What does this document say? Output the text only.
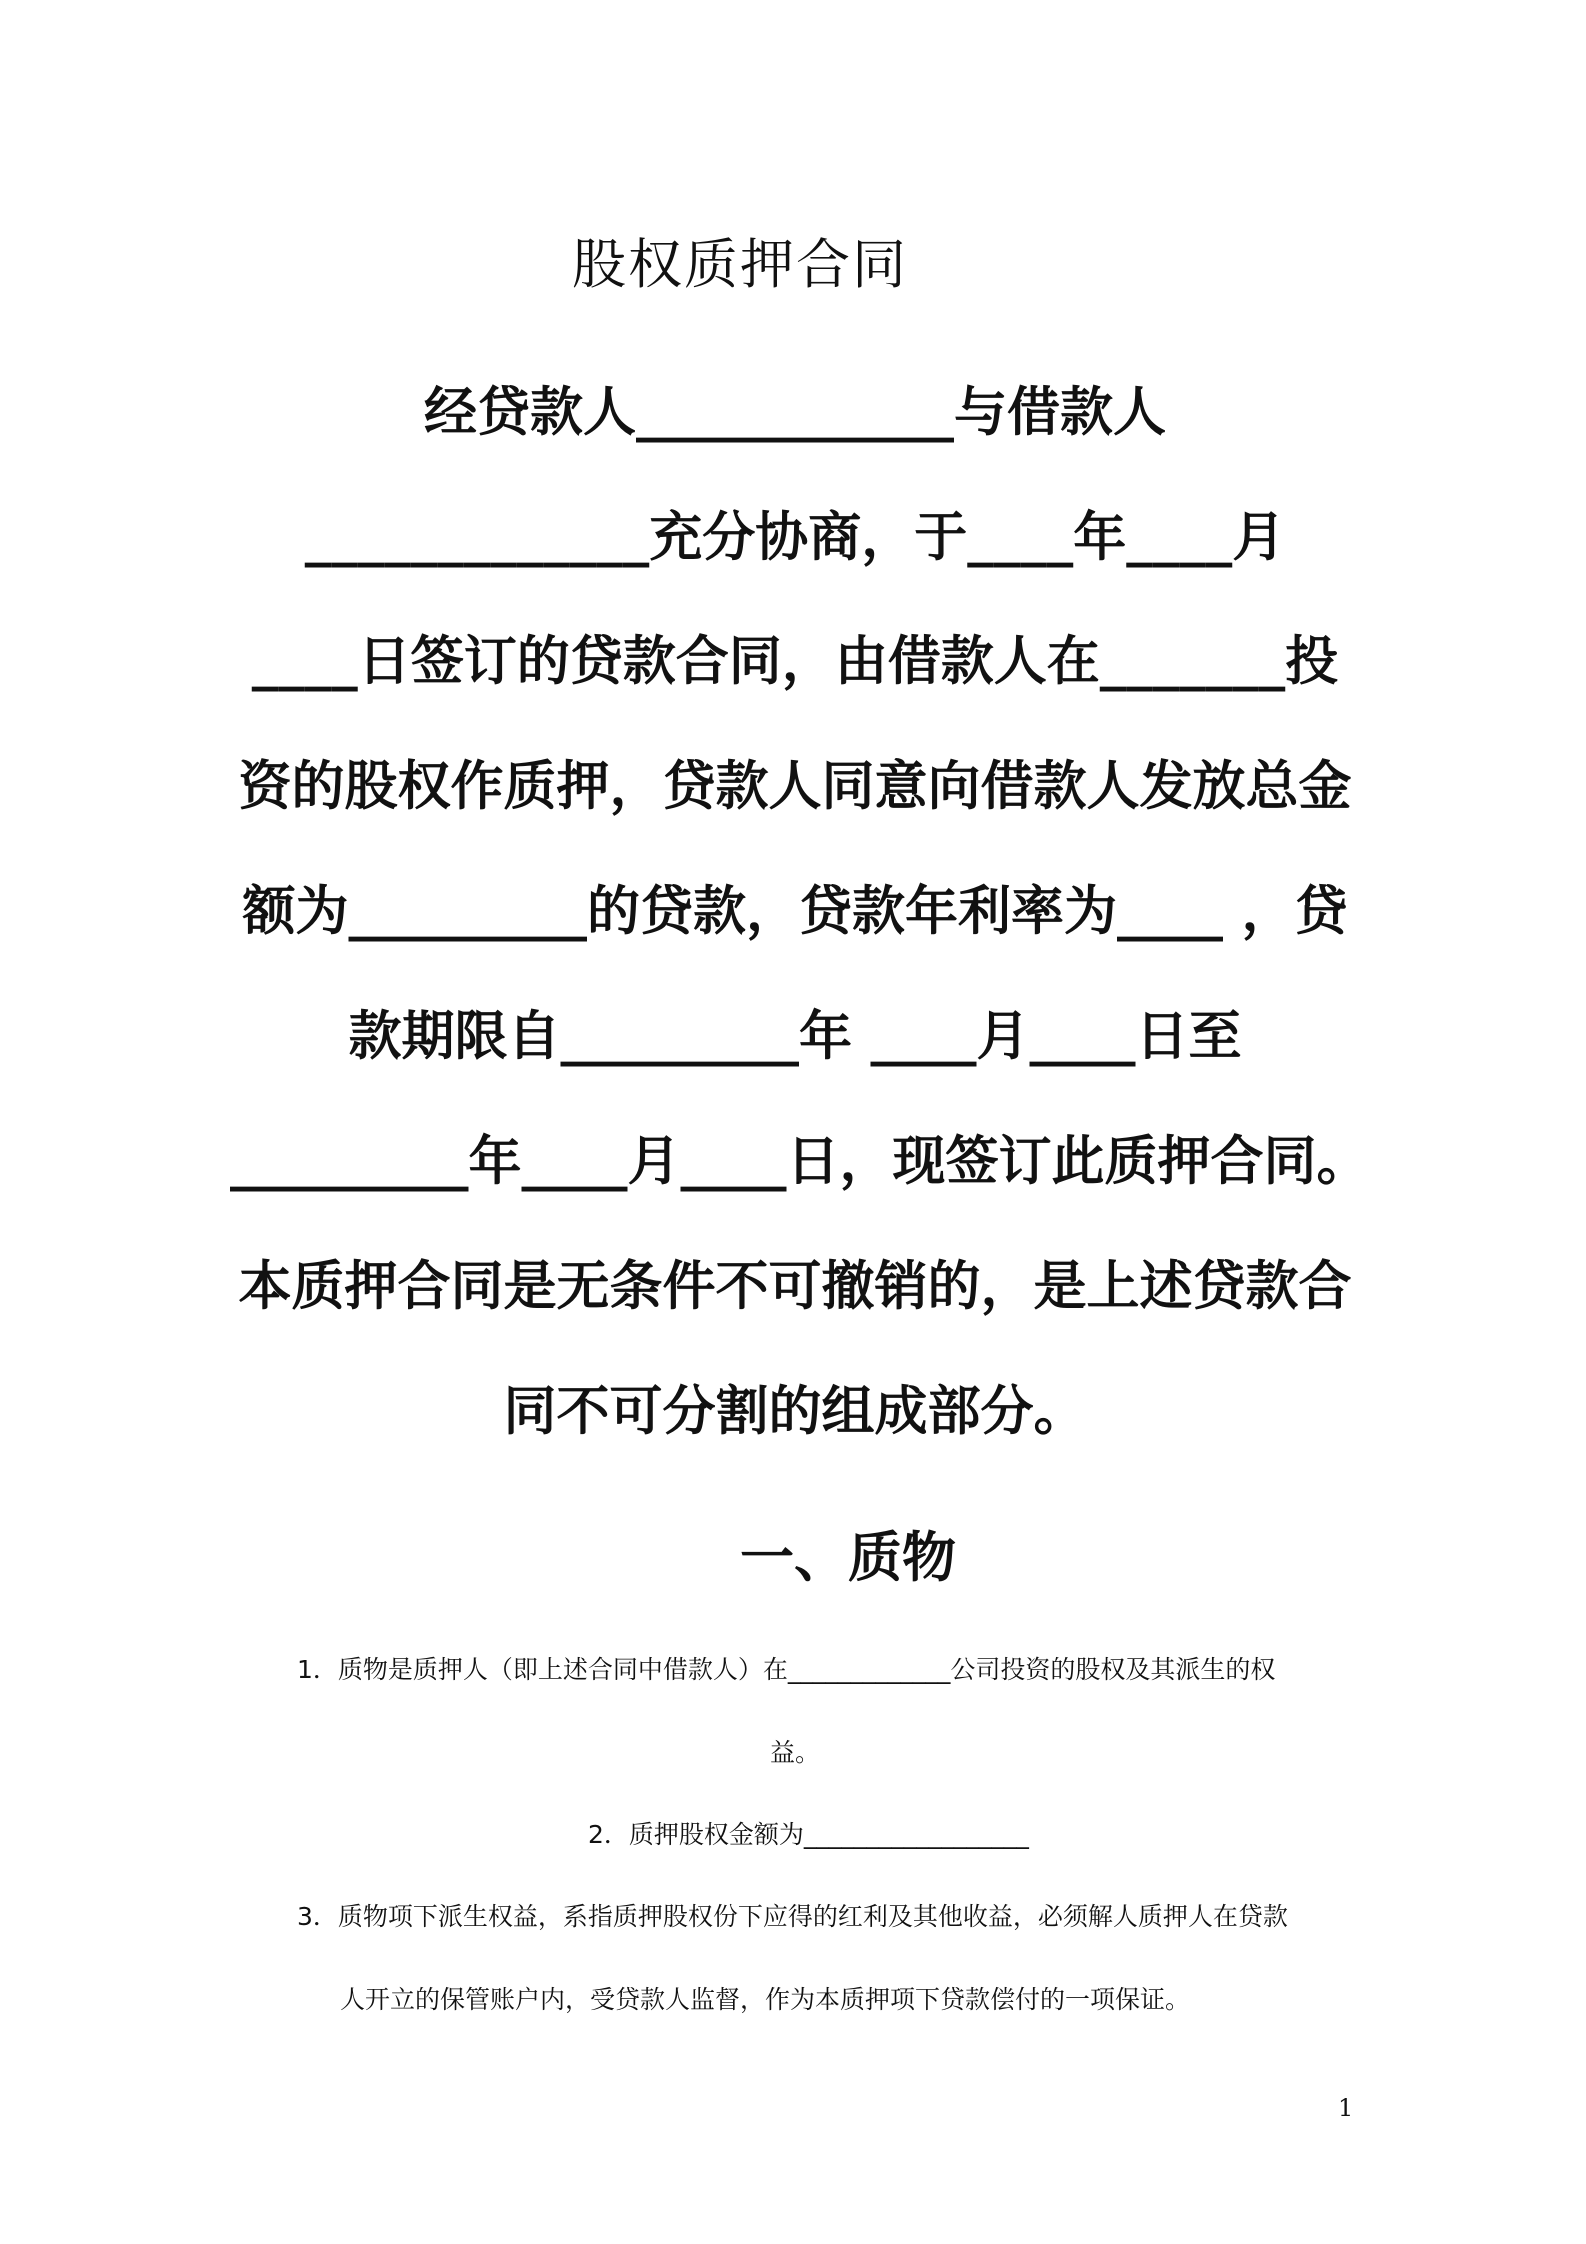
股权质押合同
经贷款人____________与借款人
_____________充分协商，于____年____月
____日签订的贷款合同，由借款人在_______投
资的股权作质押，贷款人同意向借款人发放总金
额为_________的贷款，贷款年利率为____ ，贷
款期限自_________年 ____月____日至
_________年____月____日，现签订此质押合同。
本质押合同是无条件不可撤销的，是上述贷款合
同不可分割的组成部分。
一、质物
1．质物是质押人（即上述合同中借款人）在_____________公司投资的股权及其派生的权
益。
2．质押股权金额为__________________
3．质物项下派生权益，系指质押股权份下应得的红利及其他收益，必须解人质押人在贷款
人开立的保管账户内，受贷款人监督，作为本质押项下贷款偿付的一项保证。
1
